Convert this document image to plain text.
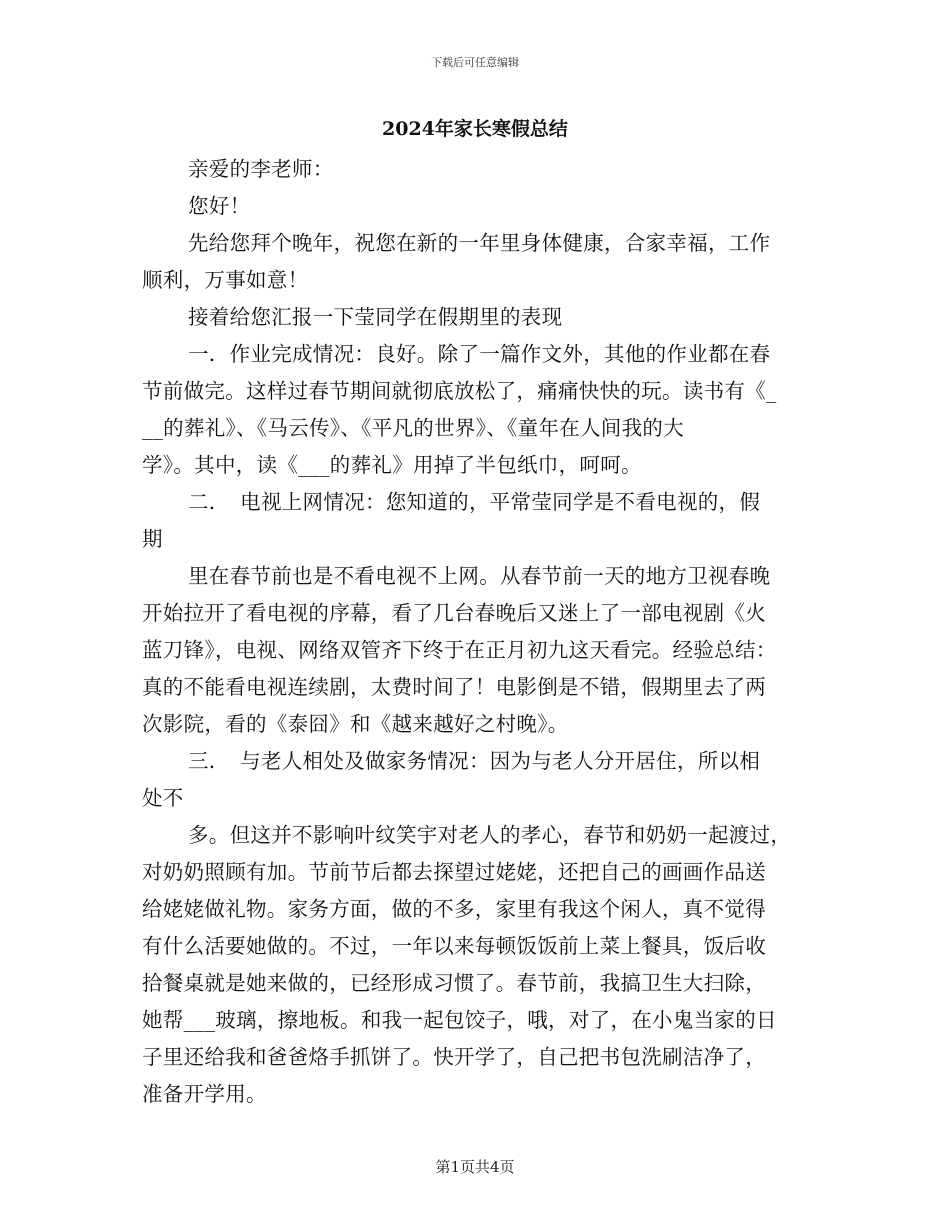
下载后可任意编辑
2024年家长寒假总结
亲爱的李老师：
您好！
先给您拜个晚年，祝您在新的一年里身体健康，合家幸福，工作
顺利，万事如意！
接着给您汇报一下莹同学在假期里的表现
一．作业完成情况：良好。除了一篇作文外，其他的作业都在春
节前做完。这样过春节期间就彻底放松了，痛痛快快的玩。读书有《_
__的葬礼》、《马云传》、《平凡的世界》、《童年在人间我的大
学》。其中，读《___的葬礼》用掉了半包纸巾，呵呵。
二．　电视上网情况：您知道的，平常莹同学是不看电视的，假
期
里在春节前也是不看电视不上网。从春节前一天的地方卫视春晚
开始拉开了看电视的序幕，看了几台春晚后又迷上了一部电视剧《火
蓝刀锋》，电视、网络双管齐下终于在正月初九这天看完。经验总结：
真的不能看电视连续剧，太费时间了！电影倒是不错，假期里去了两
次影院，看的《泰囧》和《越来越好之村晚》。
三．　与老人相处及做家务情况：因为与老人分开居住，所以相
处不
多。但这并不影响叶纹笑宇对老人的孝心，春节和奶奶一起渡过，
对奶奶照顾有加。节前节后都去探望过姥姥，还把自己的画画作品送
给姥姥做礼物。家务方面，做的不多，家里有我这个闲人，真不觉得
有什么活要她做的。不过，一年以来每顿饭饭前上菜上餐具，饭后收
拾餐桌就是她来做的，已经形成习惯了。春节前，我搞卫生大扫除，
她帮___玻璃，擦地板。和我一起包饺子，哦，对了，在小鬼当家的日
子里还给我和爸爸烙手抓饼了。快开学了，自己把书包洗刷洁净了，
准备开学用。
第1页共4页
